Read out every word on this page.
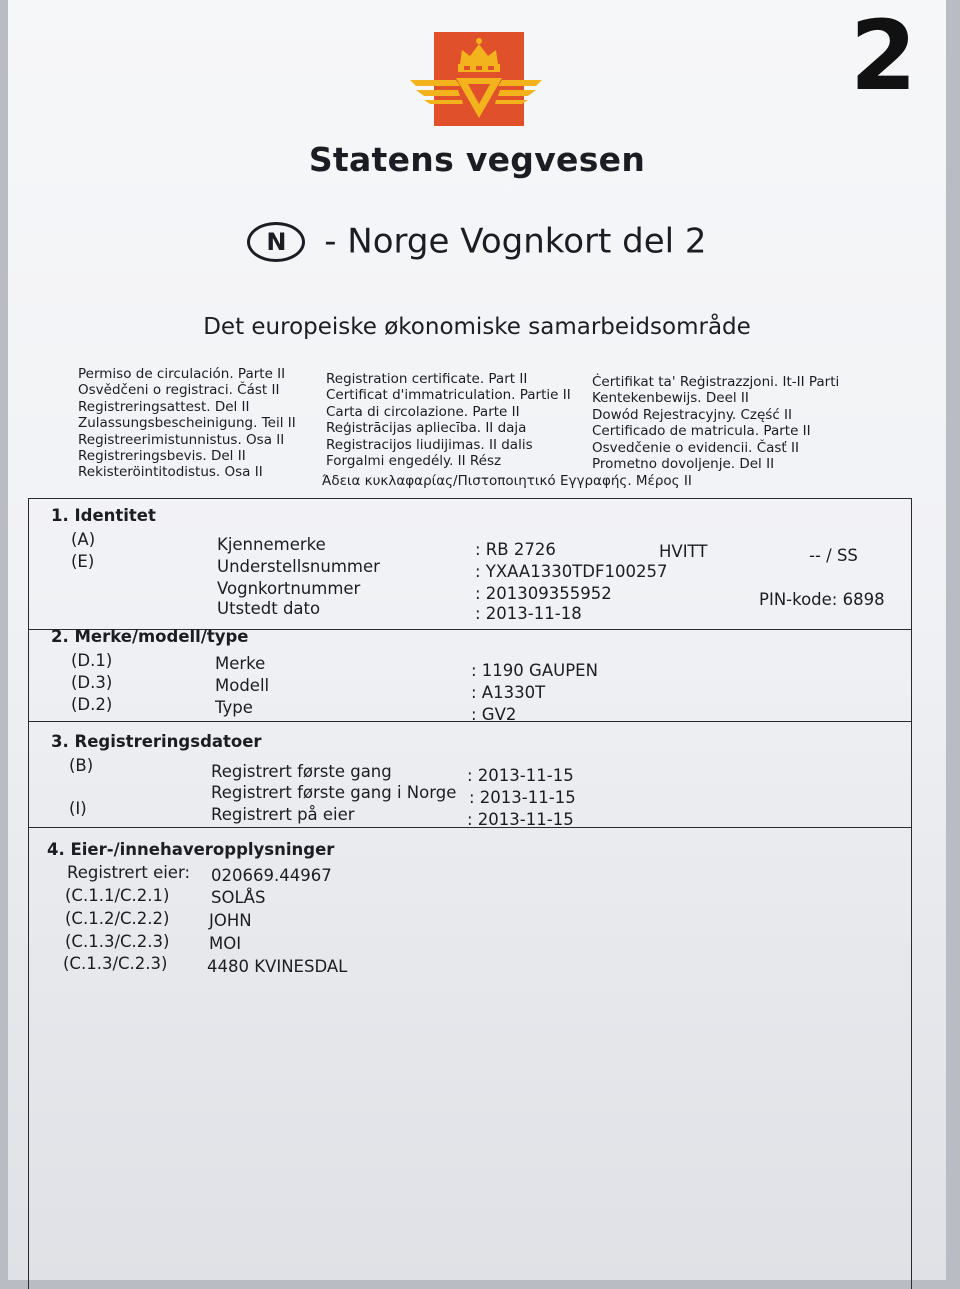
2
Statens vegvesen
N - Norge Vognkort del 2
Det europeiske økonomiske samarbeidsområde
Permiso de circulación. Parte II
Osvědčeni o registraci. Část II
Registreringsattest. Del II
Zulassungsbescheinigung. Teil II
Registreerimistunnistus. Osa II
Registreringsbevis. Del II
Rekisteröintitodistus. Osa II
Registration certificate. Part II
Certificat d'immatriculation. Partie II
Carta di circolazione. Parte II
Reģistrācijas apliecība. II daja
Registracijos liudijimas. II dalis
Forgalmi engedély. II Rész
Ċertifikat ta' Reġistrazzjoni. It-II Parti
Kentekenbewijs. Deel II
Dowód Rejestracyjny. Część II
Certificado de matricula. Parte II
Osvedčenie o evidencii. Časť II
Prometno dovoljenje. Del II
Άδεια κυκλαφαρίας/Πιστοποιητικό Εγγραφής. Μέρος II
1. Identitet
(A)
(E)
Kjennemerke
Understellsnummer
Vognkortnummer
Utstedt dato
: RB 2726
: YXAA1330TDF100257
: 201309355952
: 2013-11-18
HVITT	-- / SS
PIN-kode: 6898
2. Merke/modell/type
(D.1)
(D.3)
(D.2)
Merke
Modell
Type
: 1190 GAUPEN
: A1330T
: GV2
3. Registreringsdatoer
(B)
(I)
Registrert første gang
Registrert første gang i Norge
Registrert på eier
: 2013-11-15
: 2013-11-15
: 2013-11-15
4. Eier-/innehaveropplysninger
Registrert eier: 020669.44967
(C.1.1/C.2.1)
(C.1.2/C.2.2)
(C.1.3/C.2.3)
(C.1.3/C.2.3)
SOLÅS
JOHN
MOI
4480 KVINESDAL
